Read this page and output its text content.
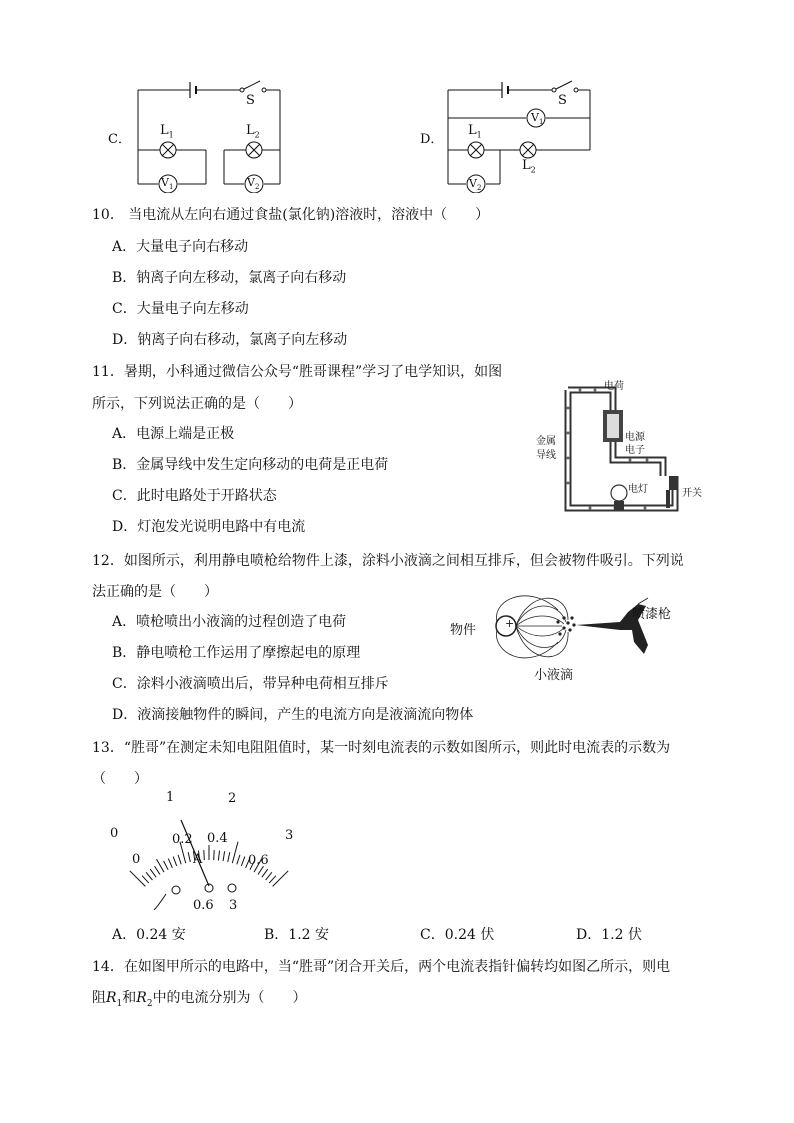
C．
S
$L_1$	$L_2$
$V_1$	$V_2$
D．
S
$V_1$
$L_1$
$L_2$
$V_2$
10． 当电流从左向右通过食盐(氯化钠)溶液时，溶液中（　　）
A．大量电子向右移动
B．钠离子向左移动，氯离子向右移动
C．大量电子向左移动
D．钠离子向右移动，氯离子向左移动
11．暑期，小科通过微信公众号“胜哥课程”学习了电学知识，如图
所示，下列说法正确的是（　　）
A．电源上端是正极
B．金属导线中发生定向移动的电荷是正电荷
C．此时电路处于开路状态
D．灯泡发光说明电路中有电流
电荷
金属
导线
电源
电子
电灯	开关
12．如图所示，利用静电喷枪给物件上漆，涂料小液滴之间相互排斥，但会被物件吸引。下列说
法正确的是（　　）
A．喷枪喷出小液滴的过程创造了电荷
B．静电喷枪工作运用了摩擦起电的原理
C．涂料小液滴喷出后，带异种电荷相互排斥
D．液滴接触物件的瞬间，产生的电流方向是液滴流向物体
+
物件
喷漆枪
小液滴
13．“胜哥”在测定未知电阻阻值时，某一时刻电流表的示数如图所示，则此时电流表的示数为
（　　）
0
1	2
3
0
0.2 0.4
0.6
A
0.6 3
A．0.24 安	B．1.2 安	C．0.24 伏	D．1.2 伏
14．在如图甲所示的电路中，当“胜哥”闭合开关后，两个电流表指针偏转均如图乙所示，则电
阻$R_1$和$R_2$中的电流分别为（　　）
